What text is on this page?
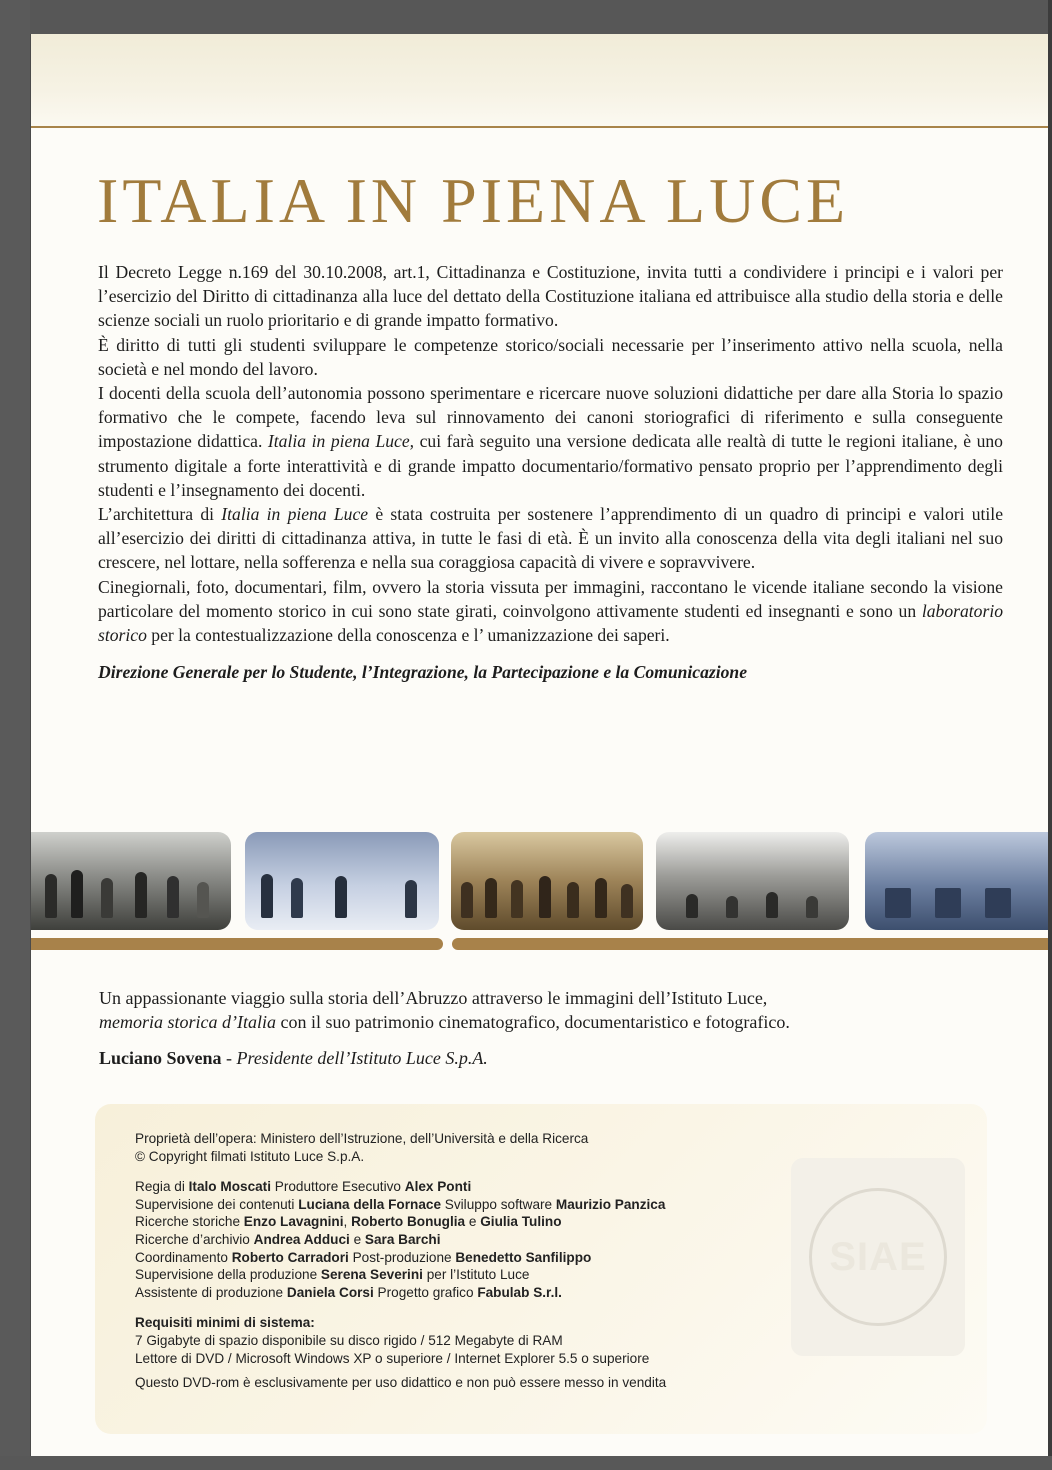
ITALIA IN PIENA LUCE

Il Decreto Legge n.169 del 30.10.2008, art.1, Cittadinanza e Costituzione, invita tutti a condividere i principi e i valori per l’esercizio del Diritto di cittadinanza alla luce del dettato della Costituzione italiana ed attribuisce alla studio della storia e delle scienze sociali un ruolo prioritario e di grande impatto formativo.

È diritto di tutti gli studenti sviluppare le competenze storico/sociali necessarie per l’inserimento attivo nella scuola, nella società e nel mondo del lavoro.

I docenti della scuola dell’autonomia possono sperimentare e ricercare nuove soluzioni didattiche per dare alla Storia lo spazio formativo che le compete, facendo leva sul rinnovamento dei canoni storiografici di riferimento e sulla conseguente impostazione didattica. Italia in piena Luce, cui farà seguito una versione dedicata alle realtà di tutte le regioni italiane, è uno strumento digitale a forte interattività e di grande impatto documentario/formativo pensato proprio per l’apprendimento degli studenti e l’insegnamento dei docenti.

L’architettura di Italia in piena Luce è stata costruita per sostenere l’apprendimento di un quadro di principi e valori utile all’esercizio dei diritti di cittadinanza attiva, in tutte le fasi di età. È un invito alla conoscenza della vita degli italiani nel suo crescere, nel lottare, nella sofferenza e nella sua coraggiosa capacità di vivere e sopravvivere.

Cinegiornali, foto, documentari, film, ovvero la storia vissuta per immagini, raccontano le vicende italiane secondo la visione particolare del momento storico in cui sono state girati, coinvolgono attivamente studenti ed insegnanti e sono un laboratorio storico per la contestualizzazione della conoscenza e l’ umanizzazione dei saperi.

Direzione Generale per lo Studente, l’Integrazione, la Partecipazione e la Comunicazione

Un appassionante viaggio sulla storia dell’Abruzzo attraverso le immagini dell’Istituto Luce,

memoria storica d’Italia con il suo patrimonio cinematografico, documentaristico e fotografico.

Luciano Sovena - Presidente dell’Istituto Luce S.p.A.

SIAE
Proprietà dell’opera: Ministero dell’Istruzione, dell’Università e della Ricerca
© Copyright filmati Istituto Luce S.p.A.
Regia di Italo Moscati Produttore Esecutivo Alex Ponti
Supervisione dei contenuti Luciana della Fornace Sviluppo software Maurizio Panzica
Ricerche storiche Enzo Lavagnini, Roberto Bonuglia e Giulia Tulino
Ricerche d’archivio Andrea Adduci e Sara Barchi
Coordinamento Roberto Carradori Post-produzione Benedetto Sanfilippo
Supervisione della produzione Serena Severini per l’Istituto Luce
Assistente di produzione Daniela Corsi Progetto grafico Fabulab S.r.l.
Requisiti minimi di sistema:
7 Gigabyte di spazio disponibile su disco rigido / 512 Megabyte di RAM
Lettore di DVD / Microsoft Windows XP o superiore / Internet Explorer 5.5 o superiore
Questo DVD-rom è esclusivamente per uso didattico e non può essere messo in vendita
